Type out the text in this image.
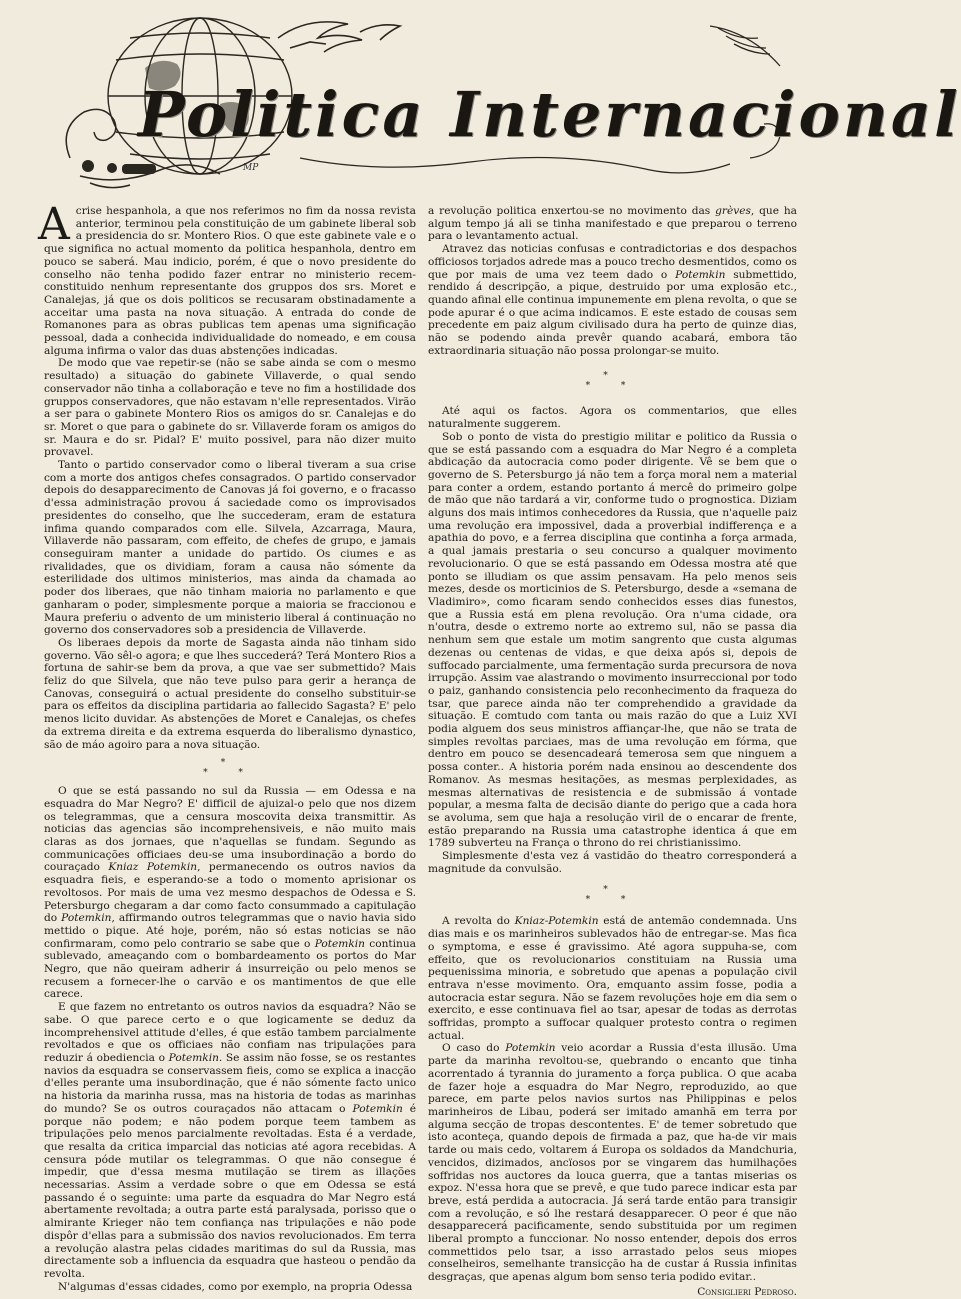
Politica Internacional
MP

Acrise hespanhola, a que nos referimos no fim da nossa revista anterior, terminou pela constituição de um gabinete liberal sob a presidencia do sr. Montero Rios. O que este gabinete vale e o que significa no actual momento da politica hespanhola, dentro em pouco se saberá. Mau indicio, porém, é que o novo presidente do conselho não tenha podido fazer entrar no ministerio recem-constituido nenhum representante dos gruppos dos srs. Moret e Canalejas, já que os dois politicos se recusaram obstinadamente a acceitar uma pasta na nova situação. A entrada do conde de Romanones para as obras publicas tem apenas uma significação pessoal, dada a conhecida individualidade do nomeado, e em cousa alguma infirma o valor das duas abstenções indicadas.

De modo que vae repetir-se (não se sabe ainda se com o mesmo resultado) a situação do gabinete Villaverde, o qual sendo conservador não tinha a collaboração e teve no fim a hostilidade dos gruppos conservadores, que não estavam n'elle representados. Virão a ser para o gabinete Montero Rios os amigos do sr. Canalejas e do sr. Moret o que para o gabinete do sr. Villaverde foram os amigos do sr. Maura e do sr. Pidal? E' muito possivel, para não dizer muito provavel.

Tanto o partido conservador como o liberal tiveram a sua crise com a morte dos antigos chefes consagrados. O partido conservador depois do desapparecimento de Canovas já foi governo, e o fracasso d'essa administração provou á saciedade como os improvisados presidentes do conselho, que lhe succederam, eram de estatura infima quando comparados com elle. Silvela, Azcarraga, Maura, Villaverde não passaram, com effeito, de chefes de grupo, e jamais conseguiram manter a unidade do partido. Os ciumes e as rivalidades, que os dividiam, foram a causa não sómente da esterilidade dos ultimos ministerios, mas ainda da chamada ao poder dos liberaes, que não tinham maioria no parlamento e que ganharam o poder, simplesmente porque a maioria se fraccionou e Maura preferiu o advento de um ministerio liberal á continuação no governo dos conservadores sob a presidencia de Villaverde.

Os liberaes depois da morte de Sagasta ainda não tinham sido governo. Vão sêl-o agora; e que lhes succederá? Terá Montero Rios a fortuna de sahir-se bem da prova, a que vae ser submettido? Mais feliz do que Silvela, que não teve pulso para gerir a herança de Canovas, conseguirá o actual presidente do conselho substituir-se para os effeitos da disciplina partidaria ao fallecido Sagasta? E' pelo menos licito duvidar. As abstenções de Moret e Canalejas, os chefes da extrema direita e da extrema esquerda do liberalismo dynastico, são de máo agoiro para a nova situação.

*
* *

O que se está passando no sul da Russia — em Odessa e na esquadra do Mar Negro? E' difficil de ajuizal-o pelo que nos dizem os telegrammas, que a censura moscovita deixa transmittir. As noticias das agencias são incomprehensiveis, e não muito mais claras as dos jornaes, que n'aquellas se fundam. Segundo as communicações officiaes deu-se uma insubordinação a bordo do couraçado Kniaz Potemkin, permanecendo os outros navios da esquadra fieis, e esperando-se a todo o momento aprisionar os revoltosos. Por mais de uma vez mesmo despachos de Odessa e S. Petersburgo chegaram a dar como facto consummado a capitulação do Potemkin, affirmando outros telegrammas que o navio havia sido mettido o pique. Até hoje, porém, não só estas noticias se não confirmaram, como pelo contrario se sabe que o Potemkin continua sublevado, ameaçando com o bombardeamento os portos do Mar Negro, que não queiram adherir á insurreição ou pelo menos se recusem a fornecer-lhe o carvão e os mantimentos de que elle carece.

E que fazem no entretanto os outros navios da esquadra? Não se sabe. O que parece certo e o que logicamente se deduz da incomprehensivel attitude d'elles, é que estão tambem parcialmente revoltados e que os officiaes não confiam nas tripulações para reduzir á obediencia o Potemkin. Se assim não fosse, se os restantes navios da esquadra se conservassem fieis, como se explica a inacção d'elles perante uma insubordinação, que é não sómente facto unico na historia da marinha russa, mas na historia de todas as marinhas do mundo? Se os outros couraçados não attacam o Potemkin é porque não podem; e não podem porque teem tambem as tripulações pelo menos parcialmente revoltadas. Esta é a verdade, que resalta da critica imparcial das noticias até agora recebidas. A censura póde mutilar os telegrammas. O que não consegue é impedir, que d'essa mesma mutilação se tirem as illações necessarias. Assim a verdade sobre o que em Odessa se está passando é o seguinte: uma parte da esquadra do Mar Negro está abertamente revoltada; a outra parte está paralysada, porisso que o almirante Krieger não tem confiança nas tripulações e não pode dispôr d'ellas para a submissão dos navios revolucionados. Em terra a revolução alastra pelas cidades maritimas do sul da Russia, mas directamente sob a influencia da esquadra que hasteou o pendão da revolta.

N'algumas d'essas cidades, como por exemplo, na propria Odessa

a revolução politica enxertou-se no movimento das grèves, que ha algum tempo já ali se tinha manifestado e que preparou o terreno para o levantamento actual.

Atravez das noticias confusas e contradictorias e dos despachos officiosos torjados adrede mas a pouco trecho desmentidos, como os que por mais de uma vez teem dado o Potemkin submettido, rendido á descripção, a pique, destruido por uma explosão etc., quando afinal elle continua impunemente em plena revolta, o que se pode apurar é o que acima indicamos. E este estado de cousas sem precedente em paiz algum civilisado dura ha perto de quinze dias, não se podendo ainda prevêr quando acabará, embora tão extraordinaria situação não possa prolongar-se muito.

*
* *

Até aqui os factos. Agora os commentarios, que elles naturalmente suggerem.

Sob o ponto de vista do prestigio militar e politico da Russia o que se está passando com a esquadra do Mar Negro é a completa abdicação da autocracia como poder dirigente. Vê se bem que o governo de S. Petersburgo já não tem a força moral nem a material para conter a ordem, estando portanto á mercê do primeiro golpe de mão que não tardará a vir, conforme tudo o prognostica. Diziam alguns dos mais intimos conhecedores da Russia, que n'aquelle paiz uma revolução era impossivel, dada a proverbial indifferença e a apathia do povo, e a ferrea disciplina que continha a força armada, a qual jamais prestaria o seu concurso a qualquer movimento revolucionario. O que se está passando em Odessa mostra até que ponto se illudiam os que assim pensavam. Ha pelo menos seis mezes, desde os morticinios de S. Petersburgo, desde a «semana de Vladimiro», como ficaram sendo conhecidos esses dias funestos, que a Russia está em plena revolução. Ora n'uma cidade, ora n'outra, desde o extremo norte ao extremo sul, não se passa dia nenhum sem que estale um motim sangrento que custa algumas dezenas ou centenas de vidas, e que deixa após si, depois de suffocado parcialmente, uma fermentação surda precursora de nova irrupção. Assim vae alastrando o movimento insurreccional por todo o paiz, ganhando consistencia pelo reconhecimento da fraqueza do tsar, que parece ainda não ter comprehendido a gravidade da situação. E comtudo com tanta ou mais razão do que a Luiz XVI podia alguem dos seus ministros affiançar-lhe, que não se trata de simples revoltas parciaes, mas de uma revolução em fórma, que dentro em pouco se desencadeará temerosa sem que ninguem a possa conter.. A historia porém nada ensinou ao descendente dos Romanov. As mesmas hesitações, as mesmas perplexidades, as mesmas alternativas de resistencia e de submissão á vontade popular, a mesma falta de decisão diante do perigo que a cada hora se avoluma, sem que haja a resolução viril de o encarar de frente, estão preparando na Russia uma catastrophe identica á que em 1789 subverteu na França o throno do rei christianissimo.

Simplesmente d'esta vez á vastidão do theatro corresponderá a magnitude da convulsão.

*
* *

A revolta do Kniaz-Potemkin está de antemão condemnada. Uns dias mais e os marinheiros sublevados hão de entregar-se. Mas fica o symptoma, e esse é gravissimo. Até agora suppuha-se, com effeito, que os revolucionarios constituiam na Russia uma pequenissima minoria, e sobretudo que apenas a população civil entrava n'esse movimento. Ora, emquanto assim fosse, podia a autocracia estar segura. Não se fazem revoluções hoje em dia sem o exercito, e esse continuava fiel ao tsar, apesar de todas as derrotas soffridas, prompto a suffocar qualquer protesto contra o regimen actual.

O caso do Potemkin veio acordar a Russia d'esta illusão. Uma parte da marinha revoltou-se, quebrando o encanto que tinha acorrentado á tyrannia do juramento a força publica. O que acaba de fazer hoje a esquadra do Mar Negro, reproduzido, ao que parece, em parte pelos navios surtos nas Philippinas e pelos marinheiros de Libau, poderá ser imitado amanhã em terra por alguma secção de tropas descontentes. E' de temer sobretudo que isto aconteça, quando depois de firmada a paz, que ha-de vir mais tarde ou mais cedo, voltarem á Europa os soldados da Mandchuria, vencidos, dizimados, ancïosos por se vingarem das humilhações soffridas nos auctores da louca guerra, que a tantas miserias os expoz. N'essa hora que se prevê, e que tudo parece indicar esta par breve, está perdida a autocracia. Já será tarde então para transigir com a revolução, e só lhe restará desapparecer. O peor é que não desapparecerá pacificamente, sendo substituida por um regimen liberal prompto a funccionar. No nosso entender, depois dos erros commettidos pelo tsar, a isso arrastado pelos seus miopes conselheiros, semelhante transicção ha de custar á Russia infinitas desgraças, que apenas algum bom senso teria podido evitar..

Consiglieri Pedroso.
